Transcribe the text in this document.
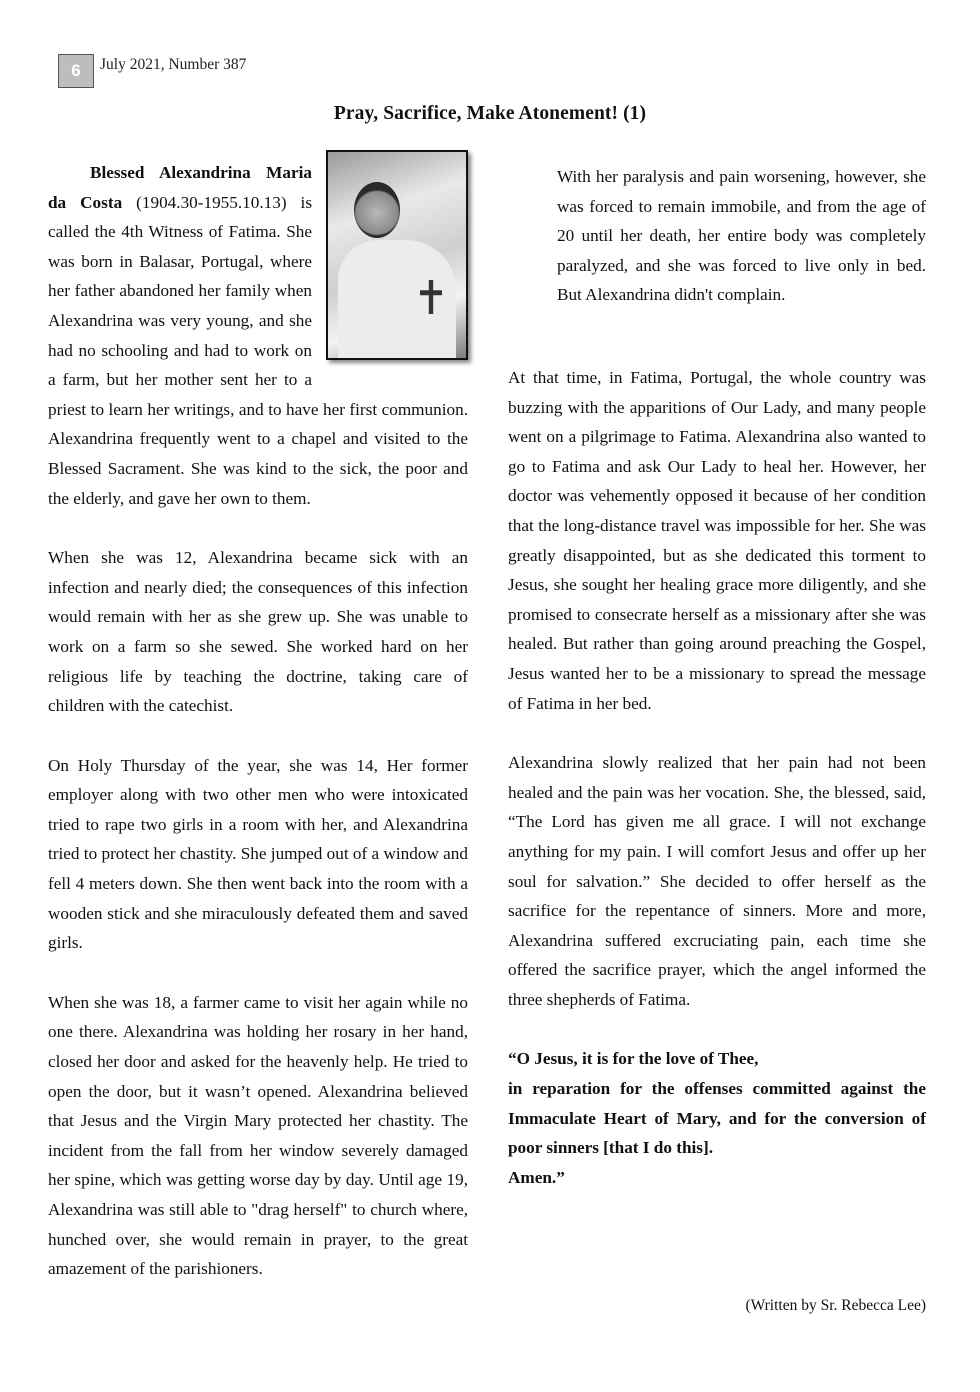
6	July 2021, Number 387
Pray, Sacrifice, Make Atonement! (1)

With her paralysis and pain worsening, however, she was forced to remain immobile, and from the age of 20 until her death, her entire body was completely paralyzed, and she was forced to live only in bed. But Alexandrina didn't complain.

Blessed Alexandrina Maria da Costa (1904.30-1955.10.13) is called the 4th Witness of Fatima. She was born in Balasar, Portugal, where her father abandoned her family when Alexandrina was very young, and she had no schooling and had to work on a farm, but her mother sent her to a priest to learn her writings, and to have her first communion. Alexandrina frequently went to a chapel and visited to the Blessed Sacrament. She was kind to the sick, the poor and the elderly, and gave her own to them.

When she was 12, Alexandrina became sick with an infection and nearly died; the consequences of this infection would remain with her as she grew up. She was unable to work on a farm so she sewed. She worked hard on her religious life by teaching the doctrine, taking care of children with the catechist.

On Holy Thursday of the year, she was 14, Her former employer along with two other men who were intoxicated tried to rape two girls in a room with her, and Alexandrina tried to protect her chastity. She jumped out of a window and fell 4 meters down. She then went back into the room with a wooden stick and she miraculously defeated them and saved girls.

When she was 18, a farmer came to visit her again while no one there. Alexandrina was holding her rosary in her hand, closed her door and asked for the heavenly help. He tried to open the door, but it wasn’t opened. Alexandrina believed that Jesus and the Virgin Mary protected her chastity. The incident from the fall from her window severely damaged her spine, which was getting worse day by day. Until age 19, Alexandrina was still able to "drag herself" to church where, hunched over, she would remain in prayer, to the great amazement of the parishioners.

At that time, in Fatima, Portugal, the whole country was buzzing with the apparitions of Our Lady, and many people went on a pilgrimage to Fatima. Alexandrina also wanted to go to Fatima and ask Our Lady to heal her. However, her doctor was vehemently opposed it because of her condition that the long-distance travel was impossible for her. She was greatly disappointed, but as she dedicated this torment to Jesus, she sought her healing grace more diligently, and she promised to consecrate herself as a missionary after she was healed. But rather than going around preaching the Gospel, Jesus wanted her to be a missionary to spread the message of Fatima in her bed.

Alexandrina slowly realized that her pain had not been healed and the pain was her vocation. She, the blessed, said, “The Lord has given me all grace. I will not exchange anything for my pain. I will comfort Jesus and offer up her soul for salvation.” She decided to offer herself as the sacrifice for the repentance of sinners. More and more, Alexandrina suffered excruciating pain, each time she offered the sacrifice prayer, which the angel informed the three shepherds of Fatima.

“O Jesus, it is for the love of Thee,
in reparation for the offenses committed against the Immaculate Heart of Mary, and for the conversion of poor sinners [that I do this].
Amen.”
(Written by Sr. Rebecca Lee)
